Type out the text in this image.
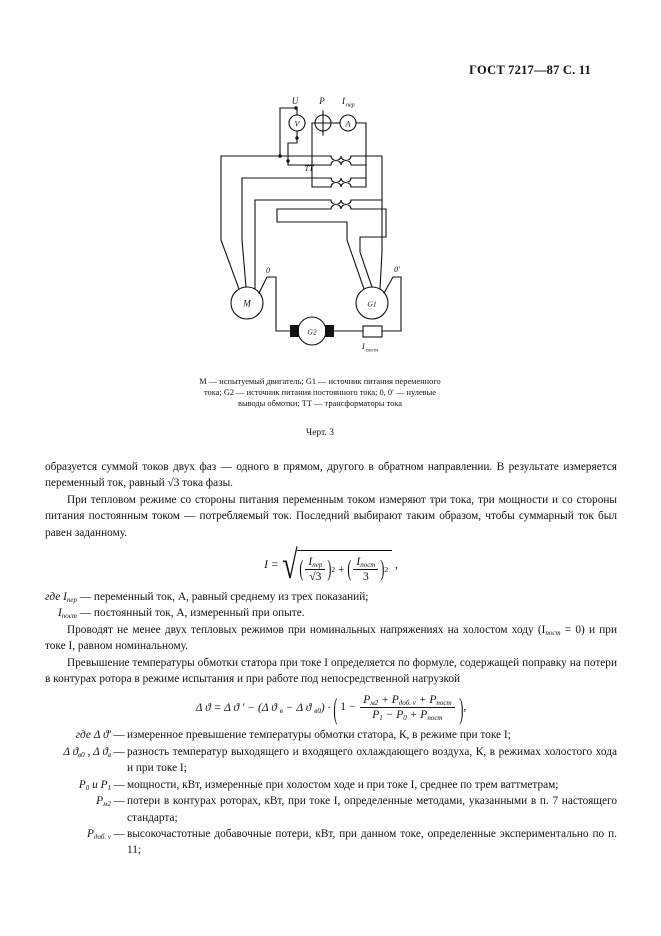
ГОСТ 7217—87 С. 11
U P I пер
V	A
ТТ
0	0′
М	G1
G2
I пост
М — испытуемый двигатель; G1 — источник питания переменного
тока; G2 — источник питания постоянного тока; 0, 0′ — нулевые
выводы обмотки; ТТ — трансформаторы тока
Черт. 3

образуется суммой токов двух фаз — одного в прямом, другого в обратном направлении. В результате измеряется переменный ток, равный √3 тока фазы.

При тепловом режиме со стороны питания переменным током измеряют три тока, три мощности и со стороны питания постоянным током — потребляемый ток. Последний выбирают таким образом, чтобы суммарный ток был равен заданному.

I = √ ( $\frac{I_{пер}}{√3}$ ) 2
+
( $\frac{I_{пост}}{3}$ ) 2 ,
где $I_{пер}$ — переменный ток, А, равный среднему из трех показаний;
$I_{пост}$ — постоянный ток, А, измеренный при опыте.

Проводят не менее двух тепловых режимов при номинальных напряжениях на холостом ходу $(I_{пост} = 0)$ и при токе I, равном номинальному.

Превышение температуры обмотки статора при токе I определяется по формуле, содержащей поправку на потери в контурах ротора в режиме испытания и при работе под непосредственной нагрузкой

Δ ϑ = Δ ϑ ′ − (Δ ϑ $_в$ − Δ ϑ $_{в0}$) · ( $1 - \frac{P_{м2} + P_{доб. v} + P_{пост}}{P_1 - P_0 + P_{пост}}$ ),
где Δ ϑ′ — измеренное превышение температуры обмотки статора, К, в режиме при токе I;
Δ $ϑ_{в0}$ , Δ $ϑ_в$ — разность температур выходящего и входящего охлаждающего воздуха, К, в режимах холостого хода и при токе I;
$P_0$ и $P_1$ — мощности, кВт, измеренные при холостом ходе и при токе I, среднее по трем ваттметрам;
$P_{м2}$ — потери в контурах роторах, кВт, при токе I, определенные методами, указанными в п. 7 настоящего стандарта;
$P_{доб. v}$ — высокочастотные добавочные потери, кВт, при данном токе, определенные экспериментально по п. 11;
